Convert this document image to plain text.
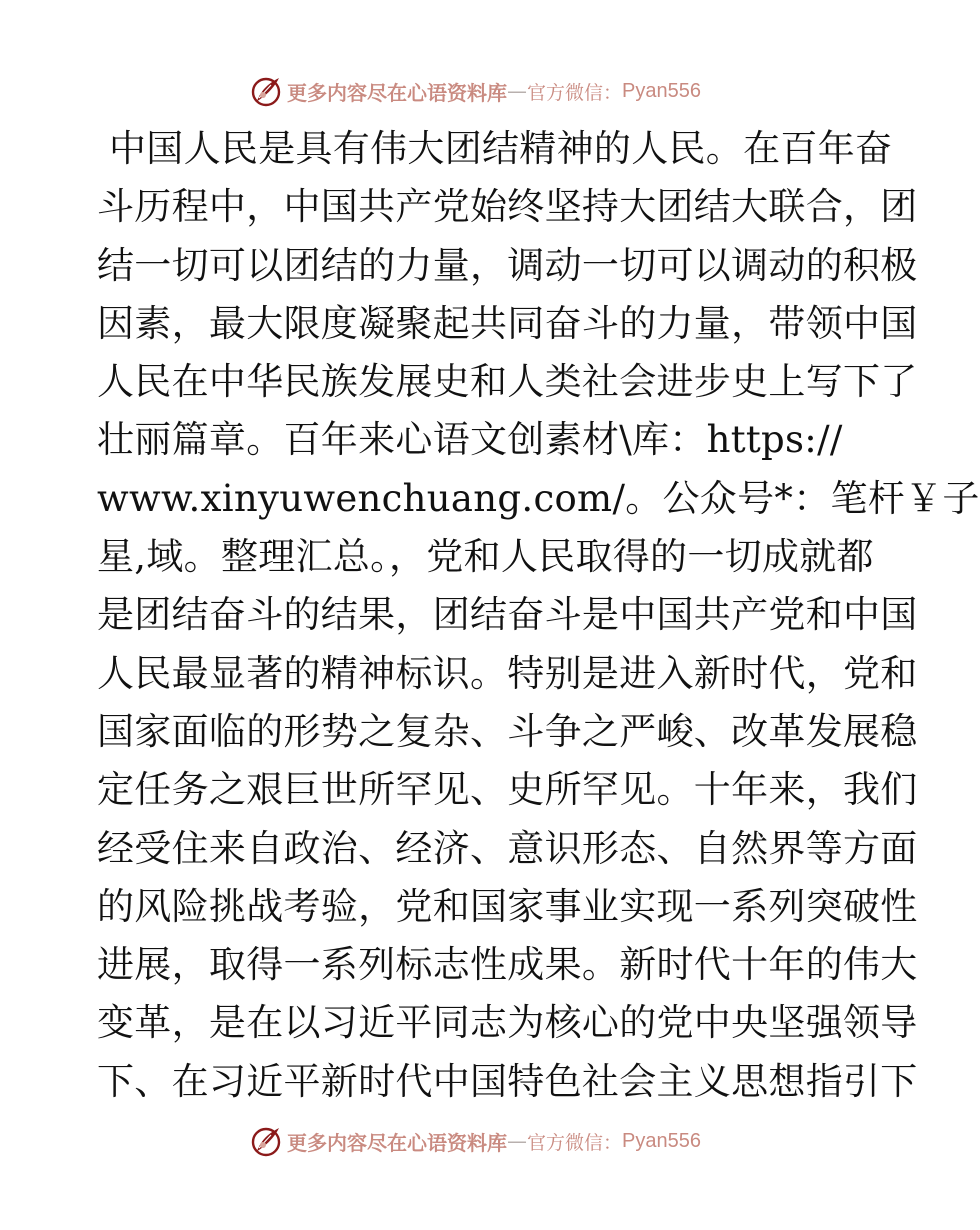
更多内容尽在心语资料库 — 官方微信： Pyan556
中国人民是具有伟大团结精神的人民。在百年奋
斗历程中，中国共产党始终坚持大团结大联合，团
结一切可以团结的力量，调动一切可以调动的积极
因素，最大限度凝聚起共同奋斗的力量，带领中国
人民在中华民族发展史和人类社会进步史上写下了
壮丽篇章。百年来心语文创素材\库：https://
www.xinyuwenchuang.com/。公众号*：笔杆￥子
星,域。整理汇总。，党和人民取得的一切成就都
是团结奋斗的结果，团结奋斗是中国共产党和中国
人民最显著的精神标识。特别是进入新时代，党和
国家面临的形势之复杂、斗争之严峻、改革发展稳
定任务之艰巨世所罕见、史所罕见。十年来，我们
经受住来自政治、经济、意识形态、自然界等方面
的风险挑战考验，党和国家事业实现一系列突破性
进展，取得一系列标志性成果。新时代十年的伟大
变革，是在以习近平同志为核心的党中央坚强领导
下、在习近平新时代中国特色社会主义思想指引下
更多内容尽在心语资料库 — 官方微信： Pyan556
